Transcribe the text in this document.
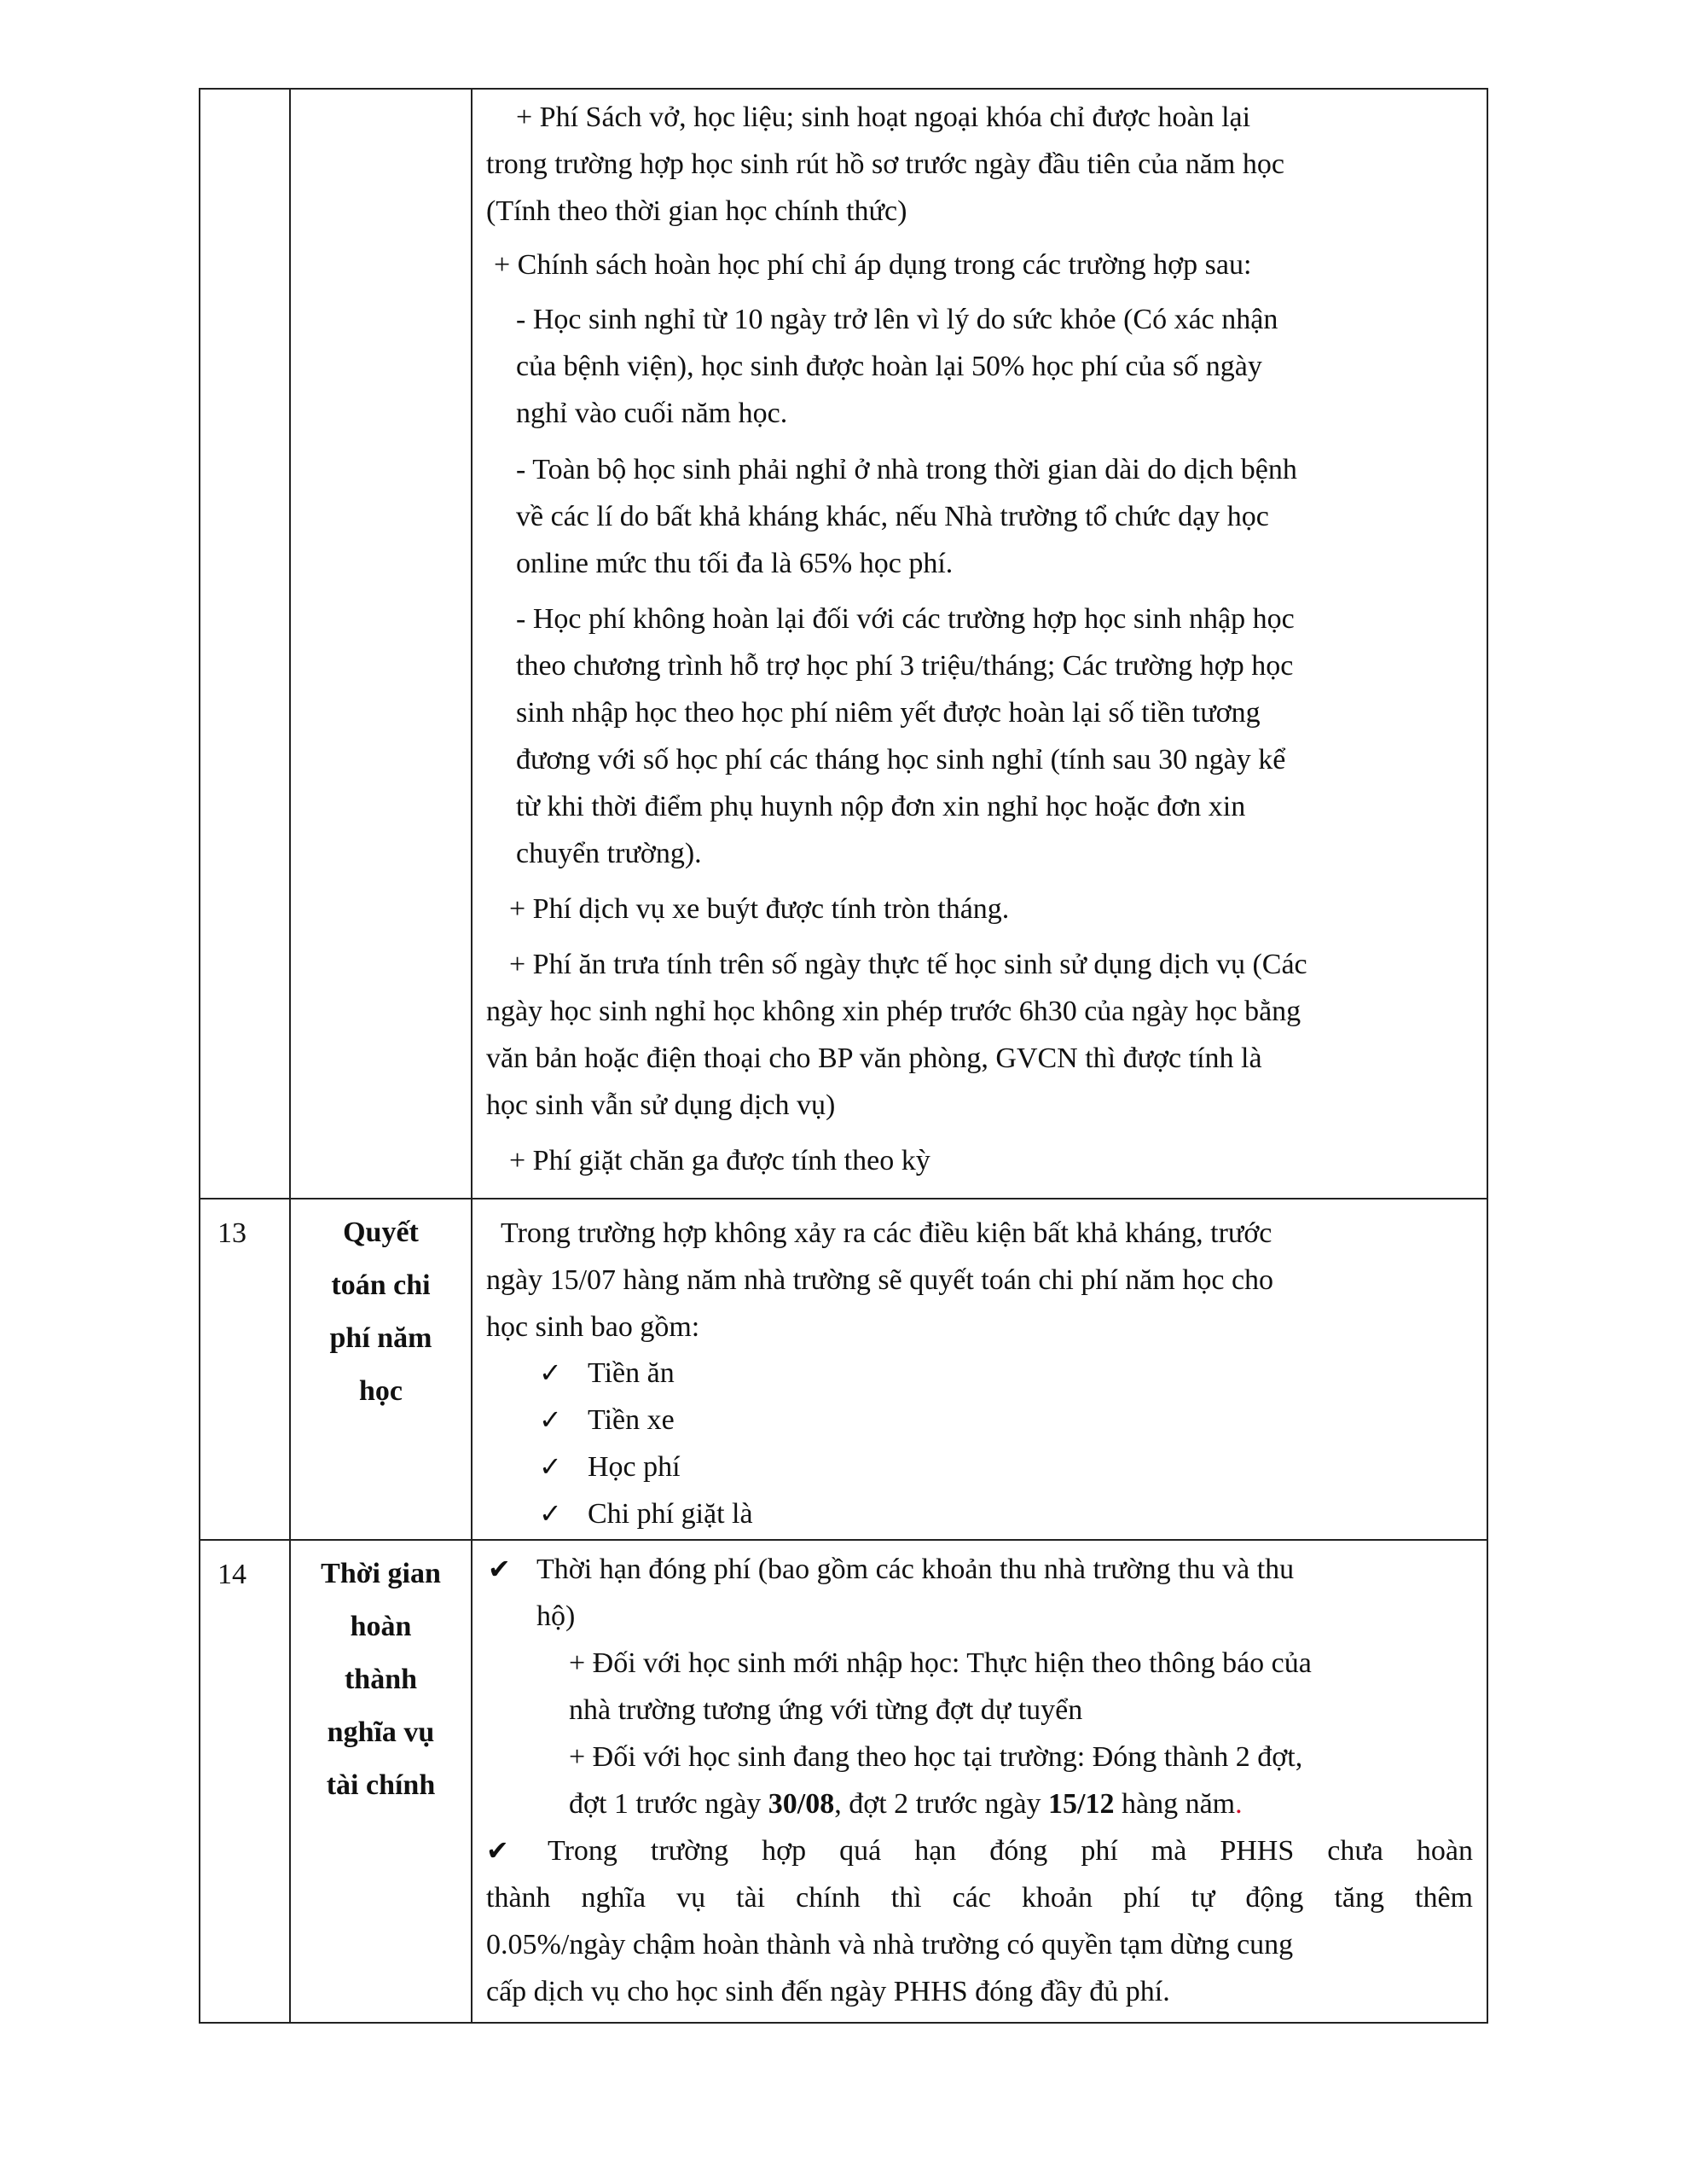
+ Phí Sách vở, học liệu; sinh hoạt ngoại khóa chỉ được hoàn lại
trong trường hợp học sinh rút hồ sơ trước ngày đầu tiên của năm học
(Tính theo thời gian học chính thức)
+ Chính sách hoàn học phí chỉ áp dụng trong các trường hợp sau:
- Học sinh nghỉ từ 10 ngày trở lên vì lý do sức khỏe (Có xác nhận
của bệnh viện), học sinh được hoàn lại 50% học phí của số ngày
nghỉ vào cuối năm học.
- Toàn bộ học sinh phải nghỉ ở nhà trong thời gian dài do dịch bệnh
về các lí do bất khả kháng khác, nếu Nhà trường tổ chức dạy học
online mức thu tối đa là 65% học phí.
- Học phí không hoàn lại đối với các trường hợp học sinh nhập học
theo chương trình hỗ trợ học phí 3 triệu/tháng; Các trường hợp học
sinh nhập học theo học phí niêm yết được hoàn lại số tiền tương
đương với số học phí các tháng học sinh nghỉ (tính sau 30 ngày kể
từ khi thời điểm phụ huynh nộp đơn xin nghỉ học hoặc đơn xin
chuyển trường).
+ Phí dịch vụ xe buýt được tính tròn tháng.
+ Phí ăn trưa tính trên số ngày thực tế học sinh sử dụng dịch vụ (Các
ngày học sinh nghỉ học không xin phép trước 6h30 của ngày học bằng
văn bản hoặc điện thoại cho BP văn phòng, GVCN thì được tính là
học sinh vẫn sử dụng dịch vụ)
+ Phí giặt chăn ga được tính theo kỳ
13	Quyết
toán chi
phí năm
học
Trong trường hợp không xảy ra các điều kiện bất khả kháng, trước
ngày 15/07 hàng năm nhà trường sẽ quyết toán chi phí năm học cho
học sinh bao gồm:
✓ Tiền ăn
✓ Tiền xe
✓ Học phí
✓ Chi phí giặt là
14	Thời gian
hoàn
thành
nghĩa vụ
tài chính
✔ Thời hạn đóng phí (bao gồm các khoản thu nhà trường thu và thu
hộ)
+ Đối với học sinh mới nhập học: Thực hiện theo thông báo của
nhà trường tương ứng với từng đợt dự tuyển
+ Đối với học sinh đang theo học tại trường: Đóng thành 2 đợt,
đợt 1 trước ngày 30/08, đợt 2 trước ngày 15/12 hàng năm.
✔ Trong trường hợp quá hạn đóng phí mà PHHS chưa hoàn
thành nghĩa vụ tài chính thì các khoản phí tự động tăng thêm
0.05%/ngày chậm hoàn thành và nhà trường có quyền tạm dừng cung
cấp dịch vụ cho học sinh đến ngày PHHS đóng đầy đủ phí.
